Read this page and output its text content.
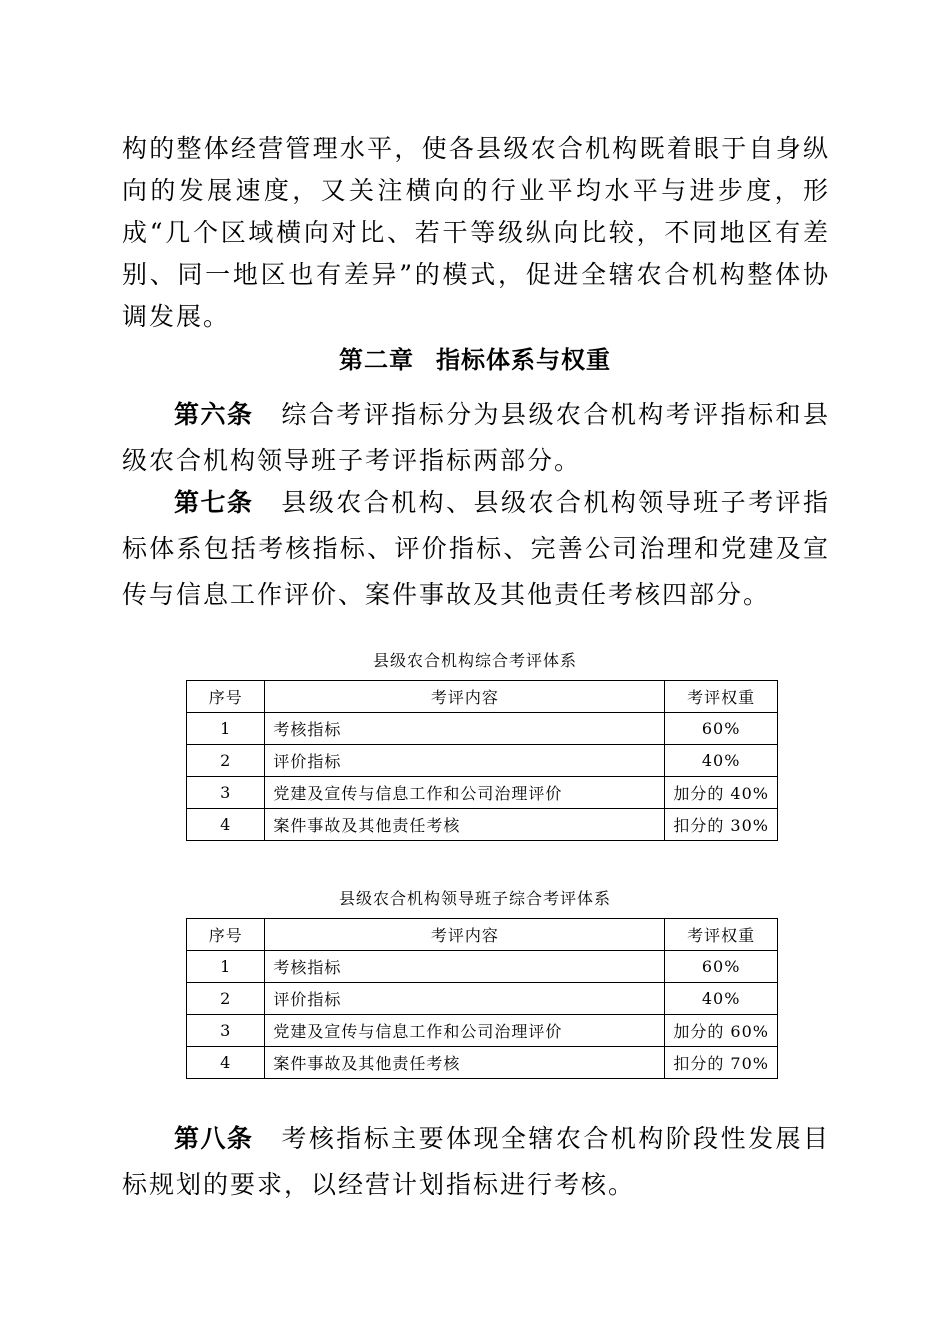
构的整体经营管理水平，使各县级农合机构既着眼于自身纵向的发展速度，又关注横向的行业平均水平与进步度，形成“几个区域横向对比、若干等级纵向比较，不同地区有差别、同一地区也有差异”的模式，促进全辖农合机构整体协调发展。

第二章 指标体系与权重

第六条 综合考评指标分为县级农合机构考评指标和县级农合机构领导班子考评指标两部分。

第七条 县级农合机构、县级农合机构领导班子考评指标体系包括考核指标、评价指标、完善公司治理和党建及宣传与信息工作评价、案件事故及其他责任考核四部分。

县级农合机构综合考评体系

序号	考评内容	考评权重
1	考核指标	60%
2	评价指标	40%
3	党建及宣传与信息工作和公司治理评价	加分的 40%
4	案件事故及其他责任考核	扣分的 30%

县级农合机构领导班子综合考评体系

序号	考评内容	考评权重
1	考核指标	60%
2	评价指标	40%
3	党建及宣传与信息工作和公司治理评价	加分的 60%
4	案件事故及其他责任考核	扣分的 70%

第八条 考核指标主要体现全辖农合机构阶段性发展目标规划的要求，以经营计划指标进行考核。
